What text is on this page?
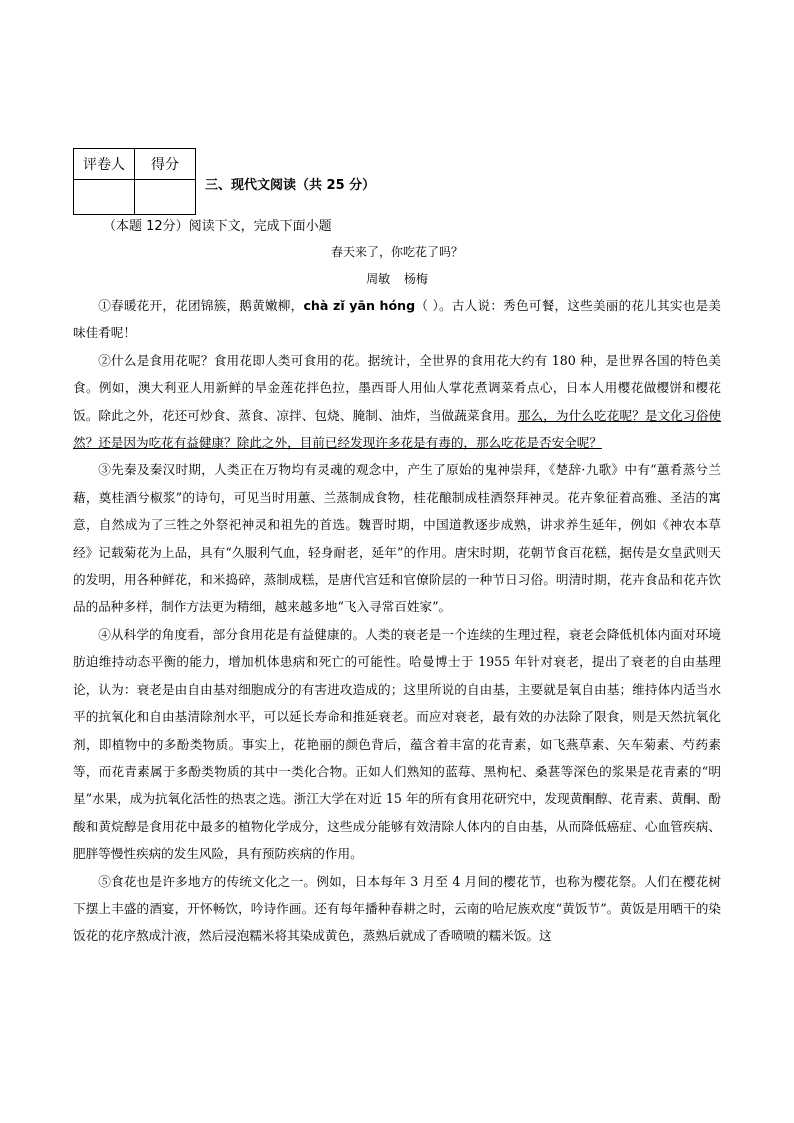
评卷人	得分

三、现代文阅读（共 25 分）
（本题 12分）阅读下文，完成下面小题
春天来了，你吃花了吗？
周敏 杨梅

①春暖花开，花团锦簇，鹅黄嫩柳，chà zǐ yān hóng（ ）。古人说：秀色可餐，这些美丽的花儿其实也是美味佳肴呢！

②什么是食用花呢？食用花即人类可食用的花。据统计，全世界的食用花大约有 180 种，是世界各国的特色美食。例如，澳大利亚人用新鲜的旱金莲花拌色拉，墨西哥人用仙人掌花煮调菜肴点心，日本人用樱花做樱饼和樱花饭。除此之外，花还可炒食、蒸食、凉拌、包烧、腌制、油炸，当做蔬菜食用。那么，为什么吃花呢？是文化习俗使然？还是因为吃花有益健康？除此之外，目前已经发现许多花是有毒的，那么吃花是否安全呢？

③先秦及秦汉时期，人类正在万物均有灵魂的观念中，产生了原始的鬼神崇拜，《楚辞·九歌》中有“蕙肴蒸兮兰藉，奠桂酒兮椒浆”的诗句，可见当时用蕙、兰蒸制成食物，桂花酿制成桂酒祭拜神灵。花卉象征着高雅、圣洁的寓意，自然成为了三牲之外祭祀神灵和祖先的首选。魏晋时期，中国道教逐步成熟，讲求养生延年，例如《神农本草经》记载菊花为上品，具有“久服利气血，轻身耐老，延年”的作用。唐宋时期，花朝节食百花糕，据传是女皇武则天的发明，用各种鲜花，和米捣碎，蒸制成糕，是唐代宫廷和官僚阶层的一种节日习俗。明清时期，花卉食品和花卉饮品的品种多样，制作方法更为精细，越来越多地“飞入寻常百姓家”。

④从科学的角度看，部分食用花是有益健康的。人类的衰老是一个连续的生理过程，衰老会降低机体内面对环境肪迫维持动态平衡的能力，增加机体患病和死亡的可能性。哈曼博士于 1955 年针对衰老，提出了衰老的自由基理论，认为：衰老是由自由基对细胞成分的有害进攻造成的；这里所说的自由基，主要就是氧自由基；维持体内适当水平的抗氧化和自由基清除剂水平，可以延长寿命和推延衰老。而应对衰老，最有效的办法除了限食，则是天然抗氧化剂，即植物中的多酚类物质。事实上，花艳丽的颜色背后，蕴含着丰富的花青素，如飞燕草素、矢车菊素、芍药素等，而花青素属于多酚类物质的其中一类化合物。正如人们熟知的蓝莓、黑枸杞、桑葚等深色的浆果是花青素的“明星”水果，成为抗氧化活性的热衷之选。浙江大学在对近 15 年的所有食用花研究中，发现黄酮醇、花青素、黄酮、酚酸和黄烷醇是食用花中最多的植物化学成分，这些成分能够有效清除人体内的自由基，从而降低癌症、心血管疾病、肥胖等慢性疾病的发生风险，具有预防疾病的作用。

⑤食花也是许多地方的传统文化之一。例如，日本每年 3 月至 4 月间的樱花节，也称为樱花祭。人们在樱花树下摆上丰盛的酒宴，开怀畅饮，吟诗作画。还有每年播种春耕之时，云南的哈尼族欢度“黄饭节”。黄饭是用晒干的染饭花的花序熬成汁液，然后浸泡糯米将其染成黄色，蒸熟后就成了香喷喷的糯米饭。这
